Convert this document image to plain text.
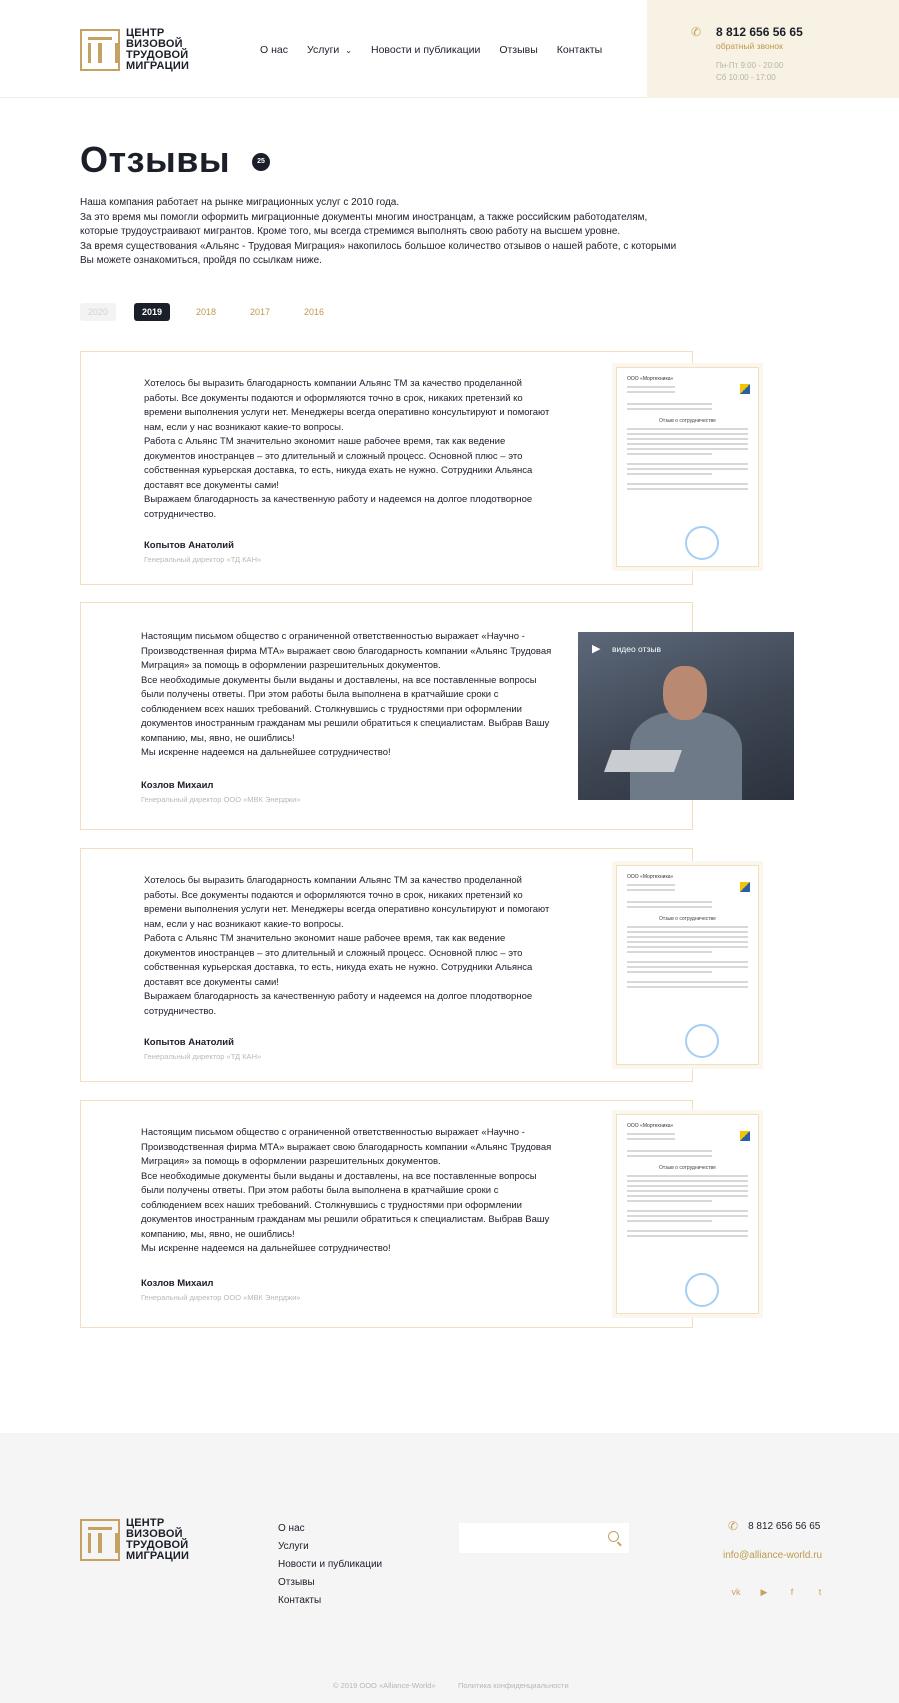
ЦЕНТР
ВИЗОВОЙ
ТРУДОВОЙ
МИГРАЦИИ
О нас Услуги ⌄ Новости и публикации Отзывы Контакты
✆ 8 812 656 56 65
обратный звонок
Пн-Пт 9:00 - 20:00
Сб 10:00 - 17:00
Отзывы	25

Наша компания работает на рынке миграционных услуг с 2010 года.

За это время мы помогли оформить миграционные документы многим иностранцам, а также российским работодателям, которые трудоустраивают мигрантов. Кроме того, мы всегда стремимся выполнять свою работу на высшем уровне.

За время существования «Альянс - Трудовая Миграция» накопилось большое количество отзывов о нашей работе, с которыми Вы можете ознакомиться, пройдя по ссылкам ниже.

2020	2019	2018	2017	2016

Хотелось бы выразить благодарность компании Альянс ТМ за качество проделанной работы. Все документы подаются и оформляются точно в срок, никаких претензий ко времени выполнения услуги нет. Менеджеры всегда оперативно консультируют и помогают нам, если у нас возникают какие-то вопросы.

Работа с Альянс ТМ значительно экономит наше рабочее время, так как ведение документов иностранцев – это длительный и сложный процесс. Основной плюс – это собственная курьерская доставка, то есть, никуда ехать не нужно. Сотрудники Альянса доставят все документы сами!

Выражаем благодарность за качественную работу и надеемся на долгое плодотворное сотрудничество.

Копытов Анатолий
Генеральный директор «ТД КАН»
ООО «Мортехника»
Отзыв о сотрудничестве

Настоящим письмом общество с ограниченной ответственностью выражает «Научно - Производственная фирма МТА» выражает свою благодарность компании «Альянс Трудовая Миграция» за помощь в оформлении разрешительных документов.

Все необходимые документы были выданы и доставлены, на все поставленные вопросы были получены ответы. При этом работы была выполнена в кратчайшие сроки с соблюдением всех наших требований. Столкнувшись с трудностями при оформлении документов иностранным гражданам мы решили обратиться к специалистам. Выбрав Вашу компанию, мы, явно, не ошиблись!

Мы искренне надеемся на дальнейшее сотрудничество!

Козлов Михаил
Генеральный директор ООО «МВК Энерджи»
▶ видео отзыв

Хотелось бы выразить благодарность компании Альянс ТМ за качество проделанной работы. Все документы подаются и оформляются точно в срок, никаких претензий ко времени выполнения услуги нет. Менеджеры всегда оперативно консультируют и помогают нам, если у нас возникают какие-то вопросы.

Работа с Альянс ТМ значительно экономит наше рабочее время, так как ведение документов иностранцев – это длительный и сложный процесс. Основной плюс – это собственная курьерская доставка, то есть, никуда ехать не нужно. Сотрудники Альянса доставят все документы сами!

Выражаем благодарность за качественную работу и надеемся на долгое плодотворное сотрудничество.

Копытов Анатолий
Генеральный директор «ТД КАН»
ООО «Мортехника»
Отзыв о сотрудничестве

Настоящим письмом общество с ограниченной ответственностью выражает «Научно - Производственная фирма МТА» выражает свою благодарность компании «Альянс Трудовая Миграция» за помощь в оформлении разрешительных документов.

Все необходимые документы были выданы и доставлены, на все поставленные вопросы были получены ответы. При этом работы была выполнена в кратчайшие сроки с соблюдением всех наших требований. Столкнувшись с трудностями при оформлении документов иностранным гражданам мы решили обратиться к специалистам. Выбрав Вашу компанию, мы, явно, не ошиблись!

Мы искренне надеемся на дальнейшее сотрудничество!

Козлов Михаил
Генеральный директор ООО «МВК Энерджи»
ООО «Мортехника»
Отзыв о сотрудничестве
ЦЕНТР
ВИЗОВОЙ
ТРУДОВОЙ
МИГРАЦИИ
О нас
Услуги
Новости и публикации
Отзывы
Контакты
✆ 8 812 656 56 65
info@alliance-world.ru
vk ▶	f	t
© 2019 ООО «Alliance-World»	Политика конфиденциальности
